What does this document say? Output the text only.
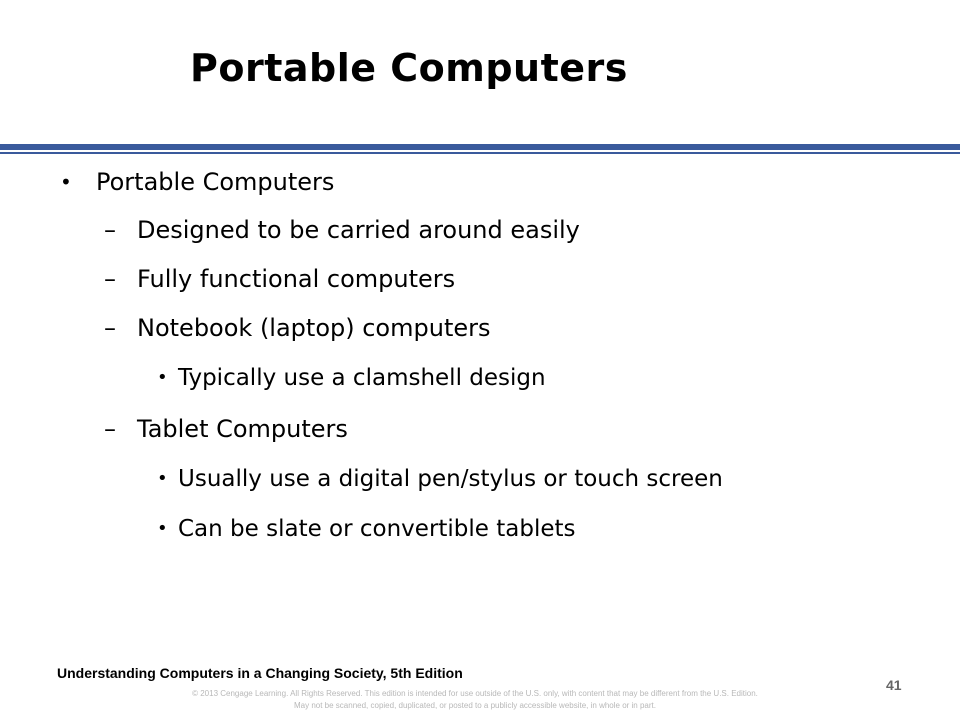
Portable Computers
• Portable Computers
– Designed to be carried around easily
– Fully functional computers
– Notebook (laptop) computers
• Typically use a clamshell design
– Tablet Computers
• Usually use a digital pen/stylus or touch screen
• Can be slate or convertible tablets
Understanding Computers in a Changing Society, 5th Edition
© 2013 Cengage Learning. All Rights Reserved. This edition is intended for use outside of the U.S. only, with content that may be different from the U.S. Edition.
May not be scanned, copied, duplicated, or posted to a publicly accessible website, in whole or in part.
41
